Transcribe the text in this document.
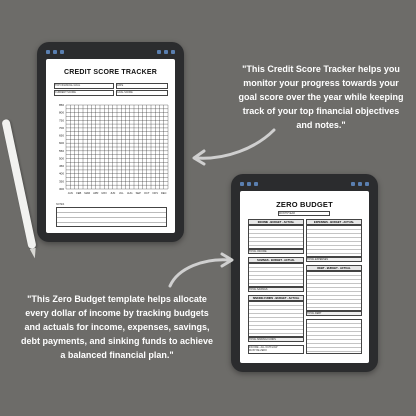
CREDIT SCORE TRACKER
TOP FINANCIAL GOAL	DATE
CURRENT SCORE	GOAL SCORE
850
800
750
700
650
600
550
500
450
400
350
300
JAN FEB MAR APR MAY JUN JUL AUG SEP OCT NOV DEC
NOTES	ZERO BUDGET
MONTH/YEAR
INCOME · BUDGET · ACTUAL
TOTAL INCOME
SAVINGS · BUDGET · ACTUAL
TOTAL SAVINGS
SINKING FUNDS · BUDGET · ACTUAL
TOTAL SINKING FUNDS
INCOME - ALL OUTFLOW
MUST BE ZERO
EXPENSES · BUDGET · ACTUAL
TOTAL EXPENSES
DEBT · BUDGET · ACTUAL
TOTAL DEBT
"This Credit Score Tracker helps you monitor your progress towards your goal score over the year while keeping track of your top financial objectives and notes."
"This Zero Budget template helps allocate every dollar of income by tracking budgets and actuals for income, expenses, savings, debt payments, and sinking funds to achieve a balanced financial plan."
